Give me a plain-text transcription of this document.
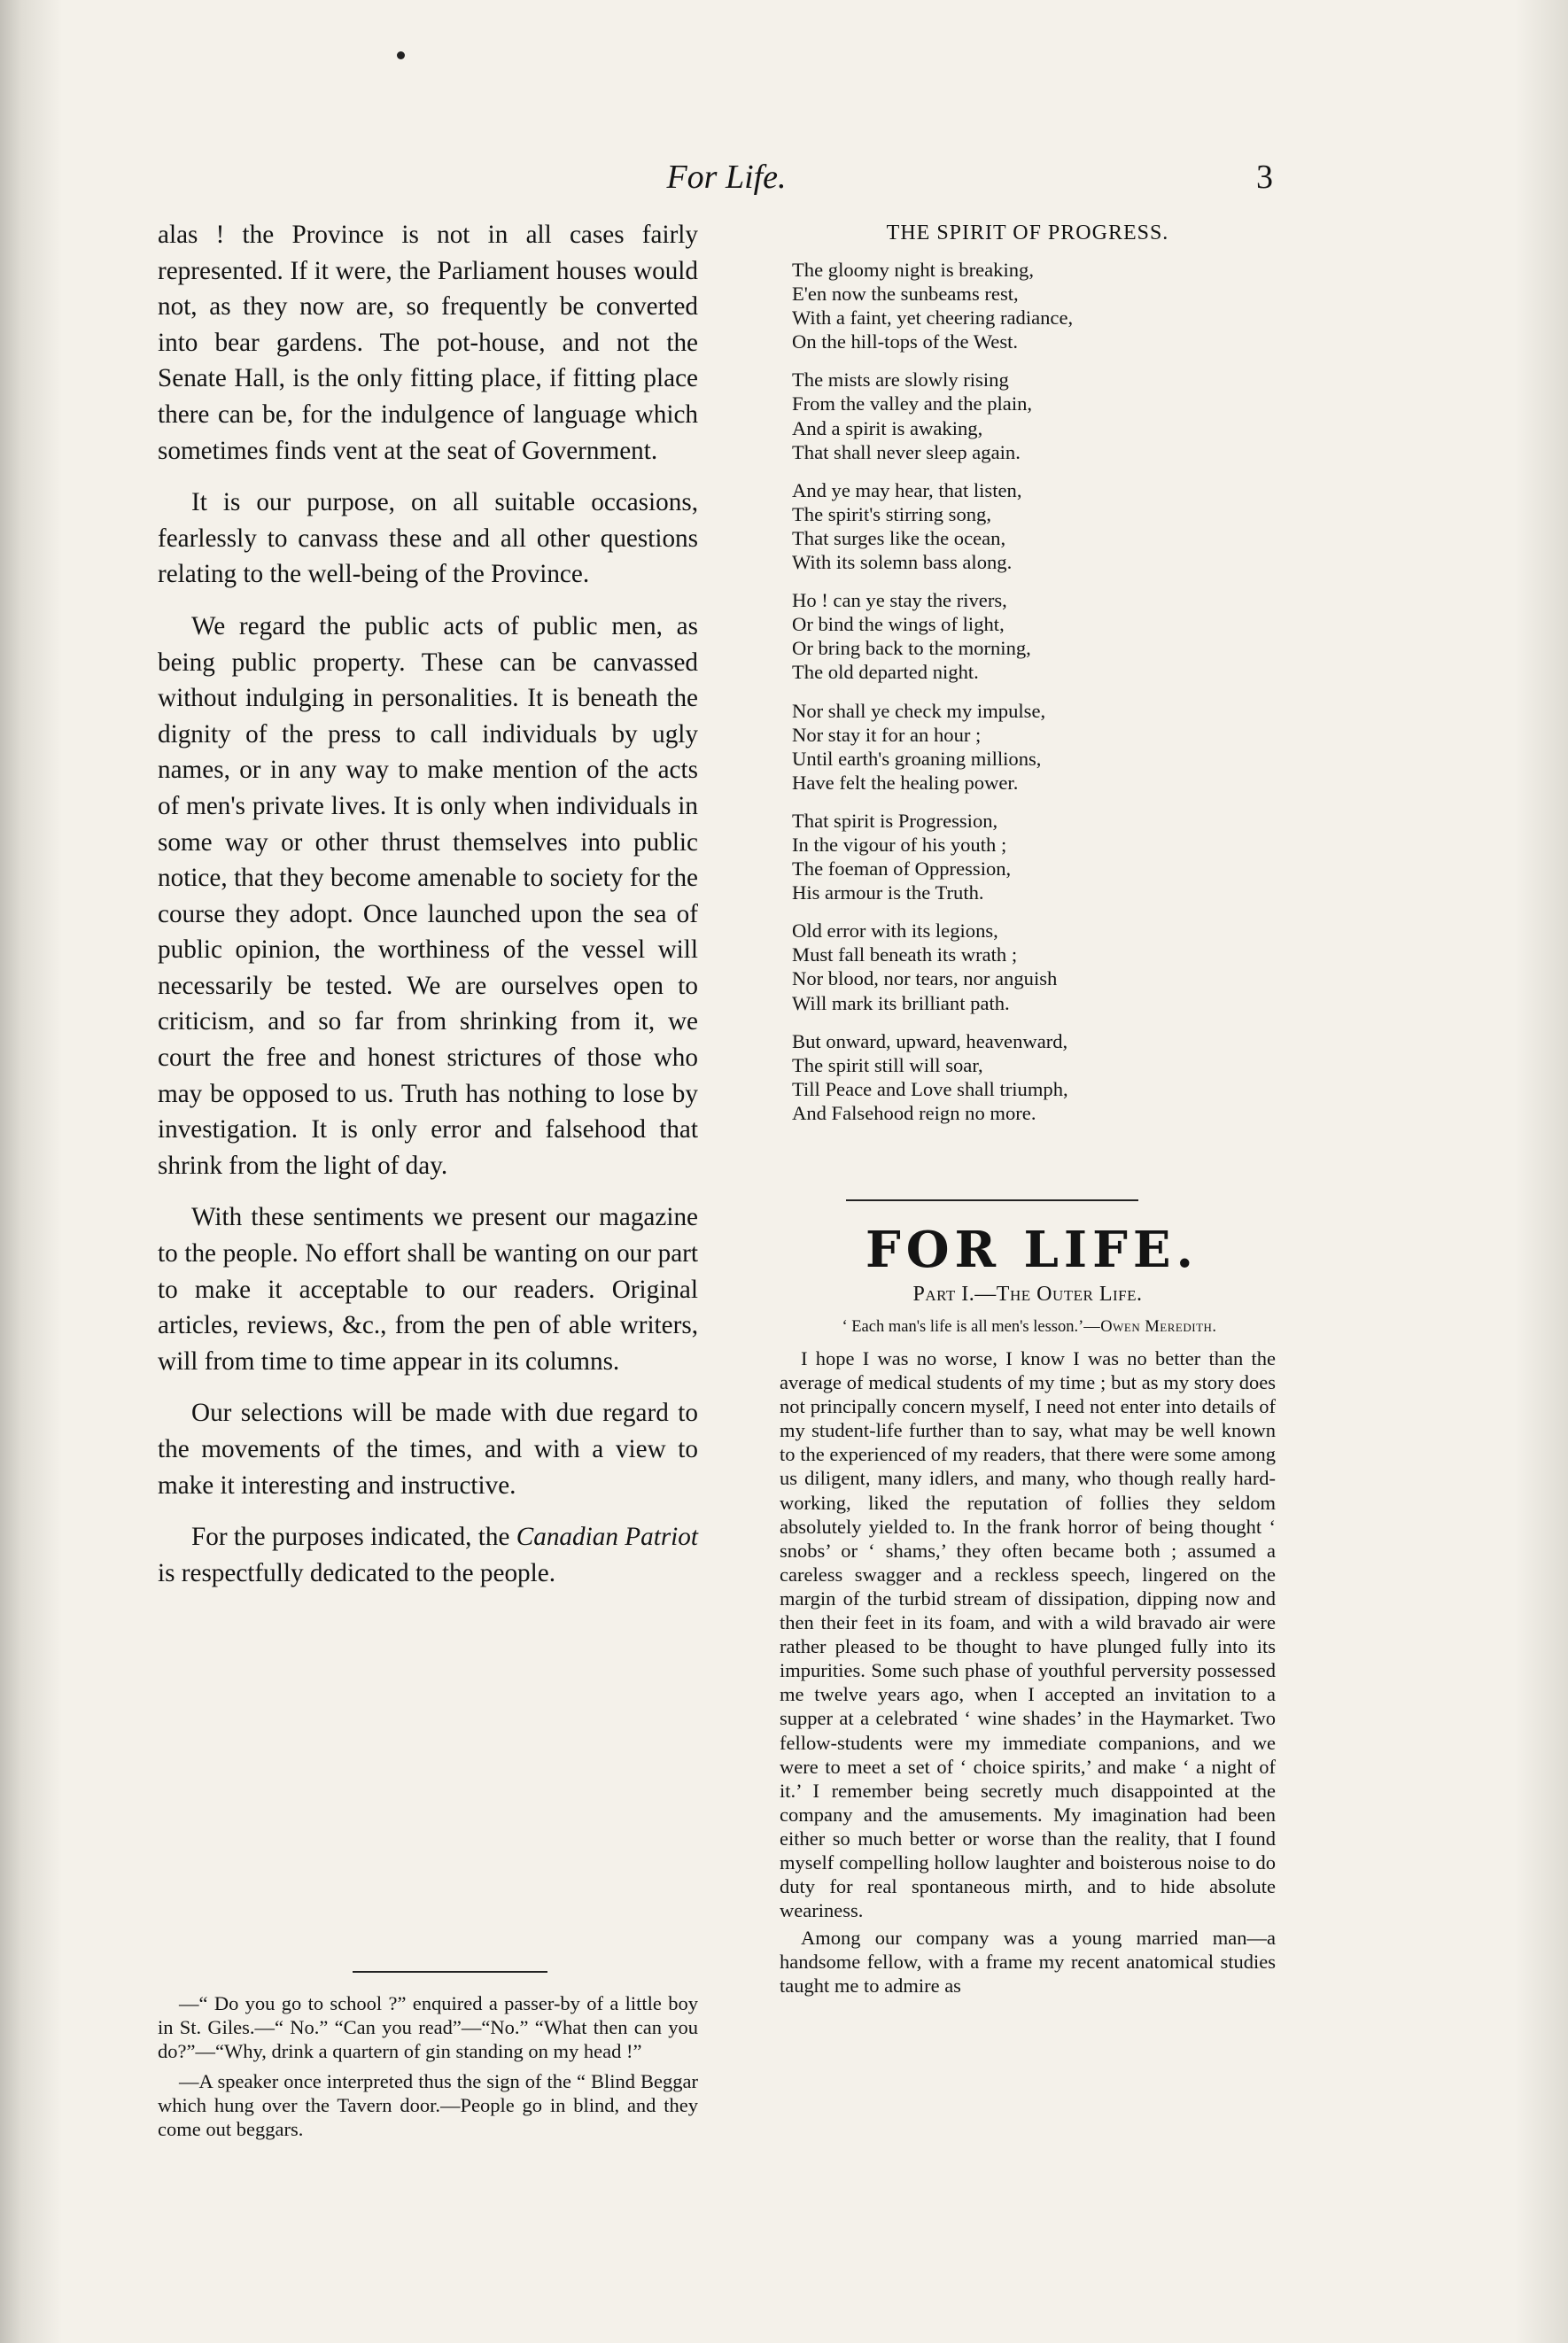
For Life.	3

alas ! the Province is not in all cases fairly represented. If it were, the Parliament houses would not, as they now are, so frequently be converted into bear gardens. The pot-house, and not the Senate Hall, is the only fitting place, if fitting place there can be, for the indulgence of language which sometimes finds vent at the seat of Government.

It is our purpose, on all suitable occasions, fearlessly to canvass these and all other questions relating to the well-being of the Province.

We regard the public acts of public men, as being public property. These can be canvassed without indulging in personalities. It is beneath the dignity of the press to call individuals by ugly names, or in any way to make mention of the acts of men's private lives. It is only when individuals in some way or other thrust themselves into public notice, that they become amenable to society for the course they adopt. Once launched upon the sea of public opinion, the worthiness of the vessel will necessarily be tested. We are ourselves open to criticism, and so far from shrinking from it, we court the free and honest strictures of those who may be opposed to us. Truth has nothing to lose by investigation. It is only error and falsehood that shrink from the light of day.

With these sentiments we present our magazine to the people. No effort shall be wanting on our part to make it acceptable to our readers. Original articles, reviews, &c., from the pen of able writers, will from time to time appear in its columns.

Our selections will be made with due regard to the movements of the times, and with a view to make it interesting and instructive.

For the purposes indicated, the Canadian Patriot is respectfully dedicated to the people.

—“ Do you go to school ?” enquired a passer-by of a little boy in St. Giles.—“ No.” “Can you read”—“No.” “What then can you do?”—“Why, drink a quartern of gin standing on my head !”

—A speaker once interpreted thus the sign of the “ Blind Beggar which hung over the Tavern door.—People go in blind, and they come out beggars.

THE SPIRIT OF PROGRESS.
The gloomy night is breaking,
E'en now the sunbeams rest,
With a faint, yet cheering radiance,
On the hill-tops of the West.
The mists are slowly rising
From the valley and the plain,
And a spirit is awaking,
That shall never sleep again.
And ye may hear, that listen,
The spirit's stirring song,
That surges like the ocean,
With its solemn bass along.
Ho ! can ye stay the rivers,
Or bind the wings of light,
Or bring back to the morning,
The old departed night.
Nor shall ye check my impulse,
Nor stay it for an hour ;
Until earth's groaning millions,
Have felt the healing power.
That spirit is Progression,
In the vigour of his youth ;
The foeman of Oppression,
His armour is the Truth.
Old error with its legions,
Must fall beneath its wrath ;
Nor blood, nor tears, nor anguish
Will mark its brilliant path.
But onward, upward, heavenward,
The spirit still will soar,
Till Peace and Love shall triumph,
And Falsehood reign no more.
FOR LIFE.
Part I.—The Outer Life.
‘ Each man's life is all men's lesson.’—Owen Meredith.

I hope I was no worse, I know I was no better than the average of medical students of my time ; but as my story does not principally concern myself, I need not enter into details of my student-life further than to say, what may be well known to the experienced of my readers, that there were some among us diligent, many idlers, and many, who though really hard-working, liked the reputation of follies they seldom absolutely yielded to. In the frank horror of being thought ‘ snobs’ or ‘ shams,’ they often became both ; assumed a careless swagger and a reckless speech, lingered on the margin of the turbid stream of dissipation, dipping now and then their feet in its foam, and with a wild bravado air were rather pleased to be thought to have plunged fully into its impurities. Some such phase of youthful perversity possessed me twelve years ago, when I accepted an invitation to a supper at a celebrated ‘ wine shades’ in the Haymarket. Two fellow-students were my immediate companions, and we were to meet a set of ‘ choice spirits,’ and make ‘ a night of it.’ I remember being secretly much disappointed at the company and the amusements. My imagination had been either so much better or worse than the reality, that I found myself compelling hollow laughter and boisterous noise to do duty for real spontaneous mirth, and to hide absolute weariness.

Among our company was a young married man—a handsome fellow, with a frame my recent anatomical studies taught me to admire as
